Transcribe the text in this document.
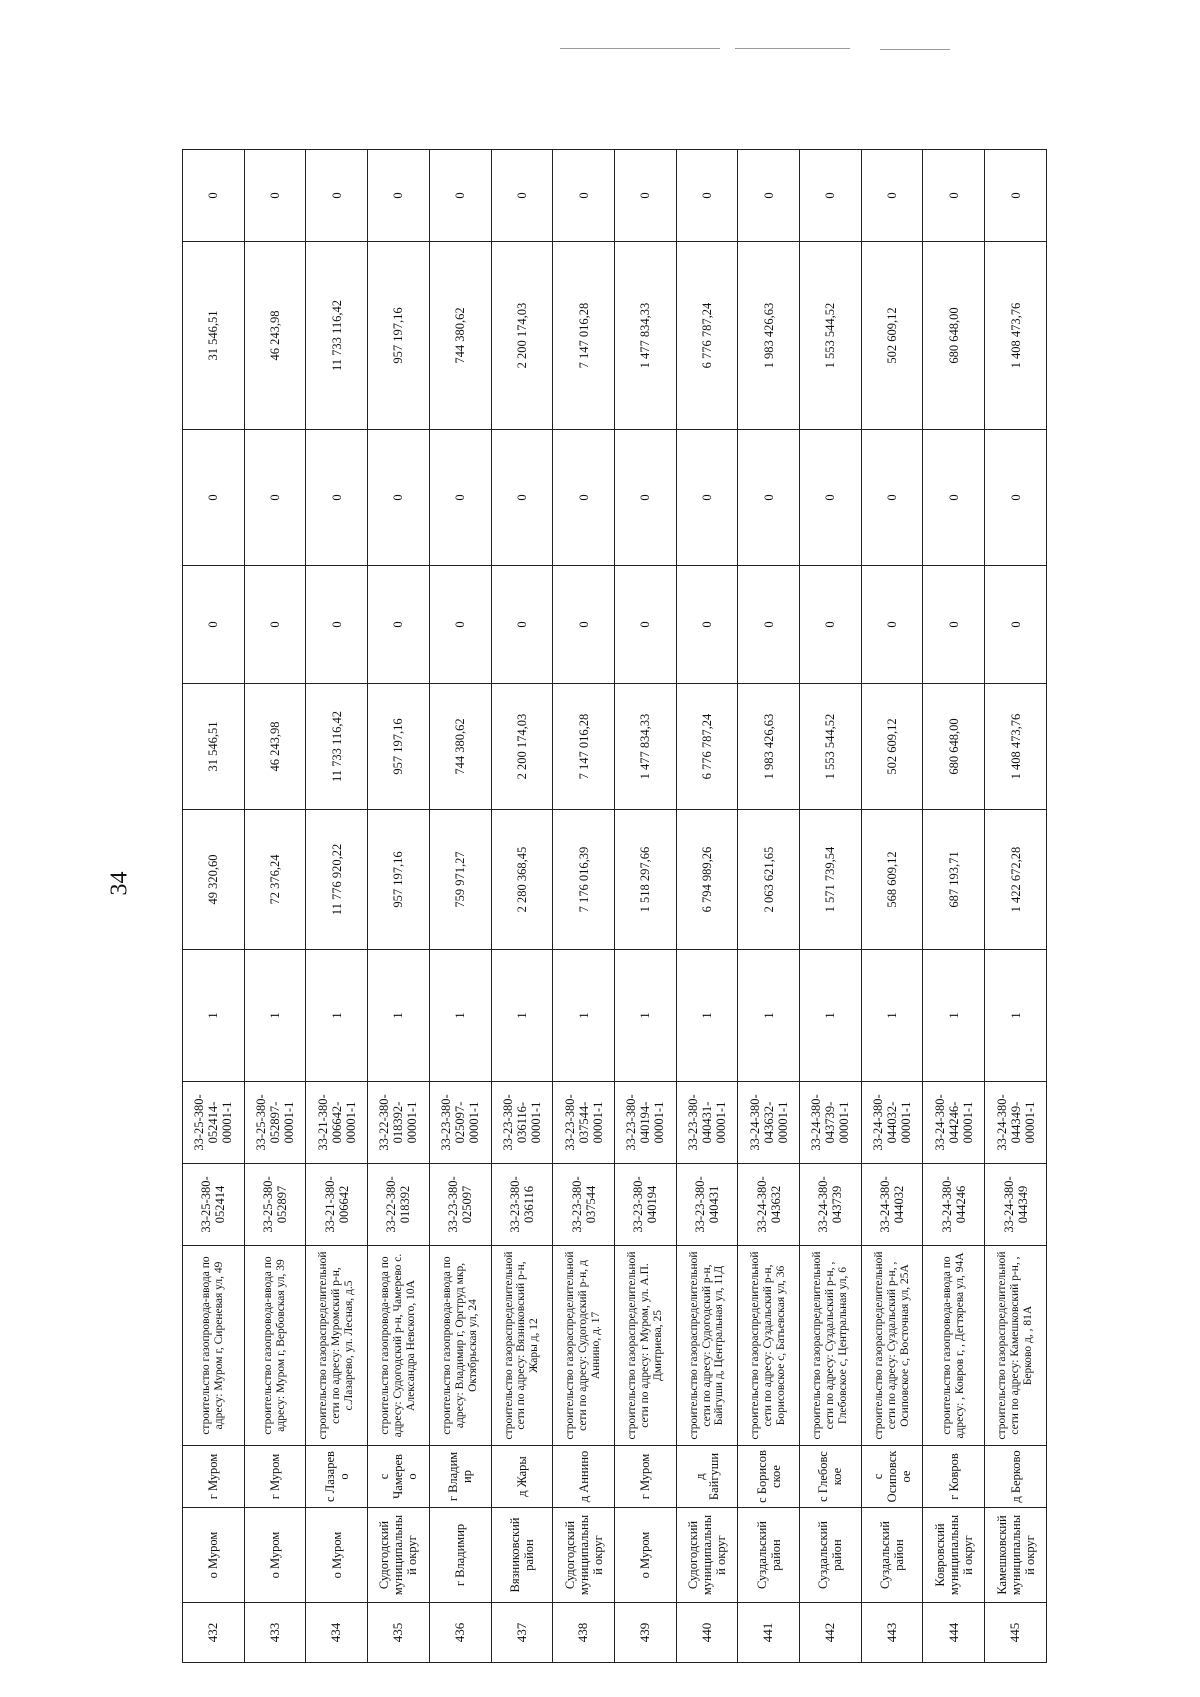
34
432	о Муром	г Муром	строительство газопровода-ввода по адресу: Муром г, Сиреневая ул, 49	33-25-380-052414	33-25-380-052414-00001-1	1	49 320,60	31 546,51	0	0	31 546,51	0
433	о Муром	г Муром	строительство газопровода-ввода по адресу: Муром г, Вербовская ул, 39	33-25-380-052897	33-25-380-052897-00001-1	1	72 376,24	46 243,98	0	0	46 243,98	0
434	о Муром	с Лазарев о	строительство газораспределительной сети по адресу: Муромский р-н, с.Лазарево, ул. Лесная, д.5	33-21-380-006642	33-21-380-006642-00001-1	1	11 776 920,22	11 733 116,42	0	0	11 733 116,42	0
435	Судогодский муниципальный округ	с Чамерев о	строительство газопровода-ввода по адресу: Судогодский р-н, Чамерево с. Александра Невского, 10А	33-22-380-018392	33-22-380-018392-00001-1	1	957 197,16	957 197,16	0	0	957 197,16	0
436	г Владимир	г Владим ир	строительство газопровода-ввода по адресу: Владимир г, Оргтруд мкр, Октябрьская ул, 24	33-23-380-025097	33-23-380-025097-00001-1	1	759 971,27	744 380,62	0	0	744 380,62	0
437	Вязниковский район	д Жары	строительство газораспределительной сети по адресу: Вязниковский р-н, Жары д, 12	33-23-380-036116	33-23-380-036116-00001-1	1	2 280 368,45	2 200 174,03	0	0	2 200 174,03	0
438	Судогодский муниципальный округ	д Аннино	строительство газораспределительной сети по адресу: Судогодский р-н, д Аннино, д. 17	33-23-380-037544	33-23-380-037544-00001-1	1	7 176 016,39	7 147 016,28	0	0	7 147 016,28	0
439	о Муром	г Муром	строительство газораспределительной сети по адресу: г Муром, ул. А.П. Дмитриева, 25	33-23-380-040194	33-23-380-040194-00001-1	1	1 518 297,66	1 477 834,33	0	0	1 477 834,33	0
440	Судогодский муниципальный округ	д Байгуши	строительство газораспределительной сети по адресу: Судогодский р-н, Байгуши д, Центральная ул, 11Д	33-23-380-040431	33-23-380-040431-00001-1	1	6 794 989,26	6 776 787,24	0	0	6 776 787,24	0
441	Суздальский район	с Борисов ское	строительство газораспределительной сети по адресу: Суздальский р-н, Борисовское с, Батьевская ул, 36	33-24-380-043632	33-24-380-043632-00001-1	1	2 063 621,65	1 983 426,63	0	0	1 983 426,63	0
442	Суздальский район	с Глебовс кое	строительство газораспределительной сети по адресу: Суздальский р-н, , Глебовское с, Центральная ул, 6	33-24-380-043739	33-24-380-043739-00001-1	1	1 571 739,54	1 553 544,52	0	0	1 553 544,52	0
443	Суздальский район	с Осиповск ое	строительство газораспределительной сети по адресу: Суздальский р-н, , Осиповское с, Восточная ул, 25А	33-24-380-044032	33-24-380-044032-00001-1	1	568 609,12	502 609,12	0	0	502 609,12	0
444	Ковровский муниципальный округ	г Ковров	строительство газопровода-ввода по адресу: , Ковров г, , Дегтярева ул, 94А	33-24-380-044246	33-24-380-044246-00001-1	1	687 193,71	680 648,00	0	0	680 648,00	0
445	Камешковский муниципальный округ	д Берково	строительство газораспределительной сети по адресу: Камешковский р-н, , Берково д, , 81А	33-24-380-044349	33-24-380-044349-00001-1	1	1 422 672,28	1 408 473,76	0	0	1 408 473,76	0
